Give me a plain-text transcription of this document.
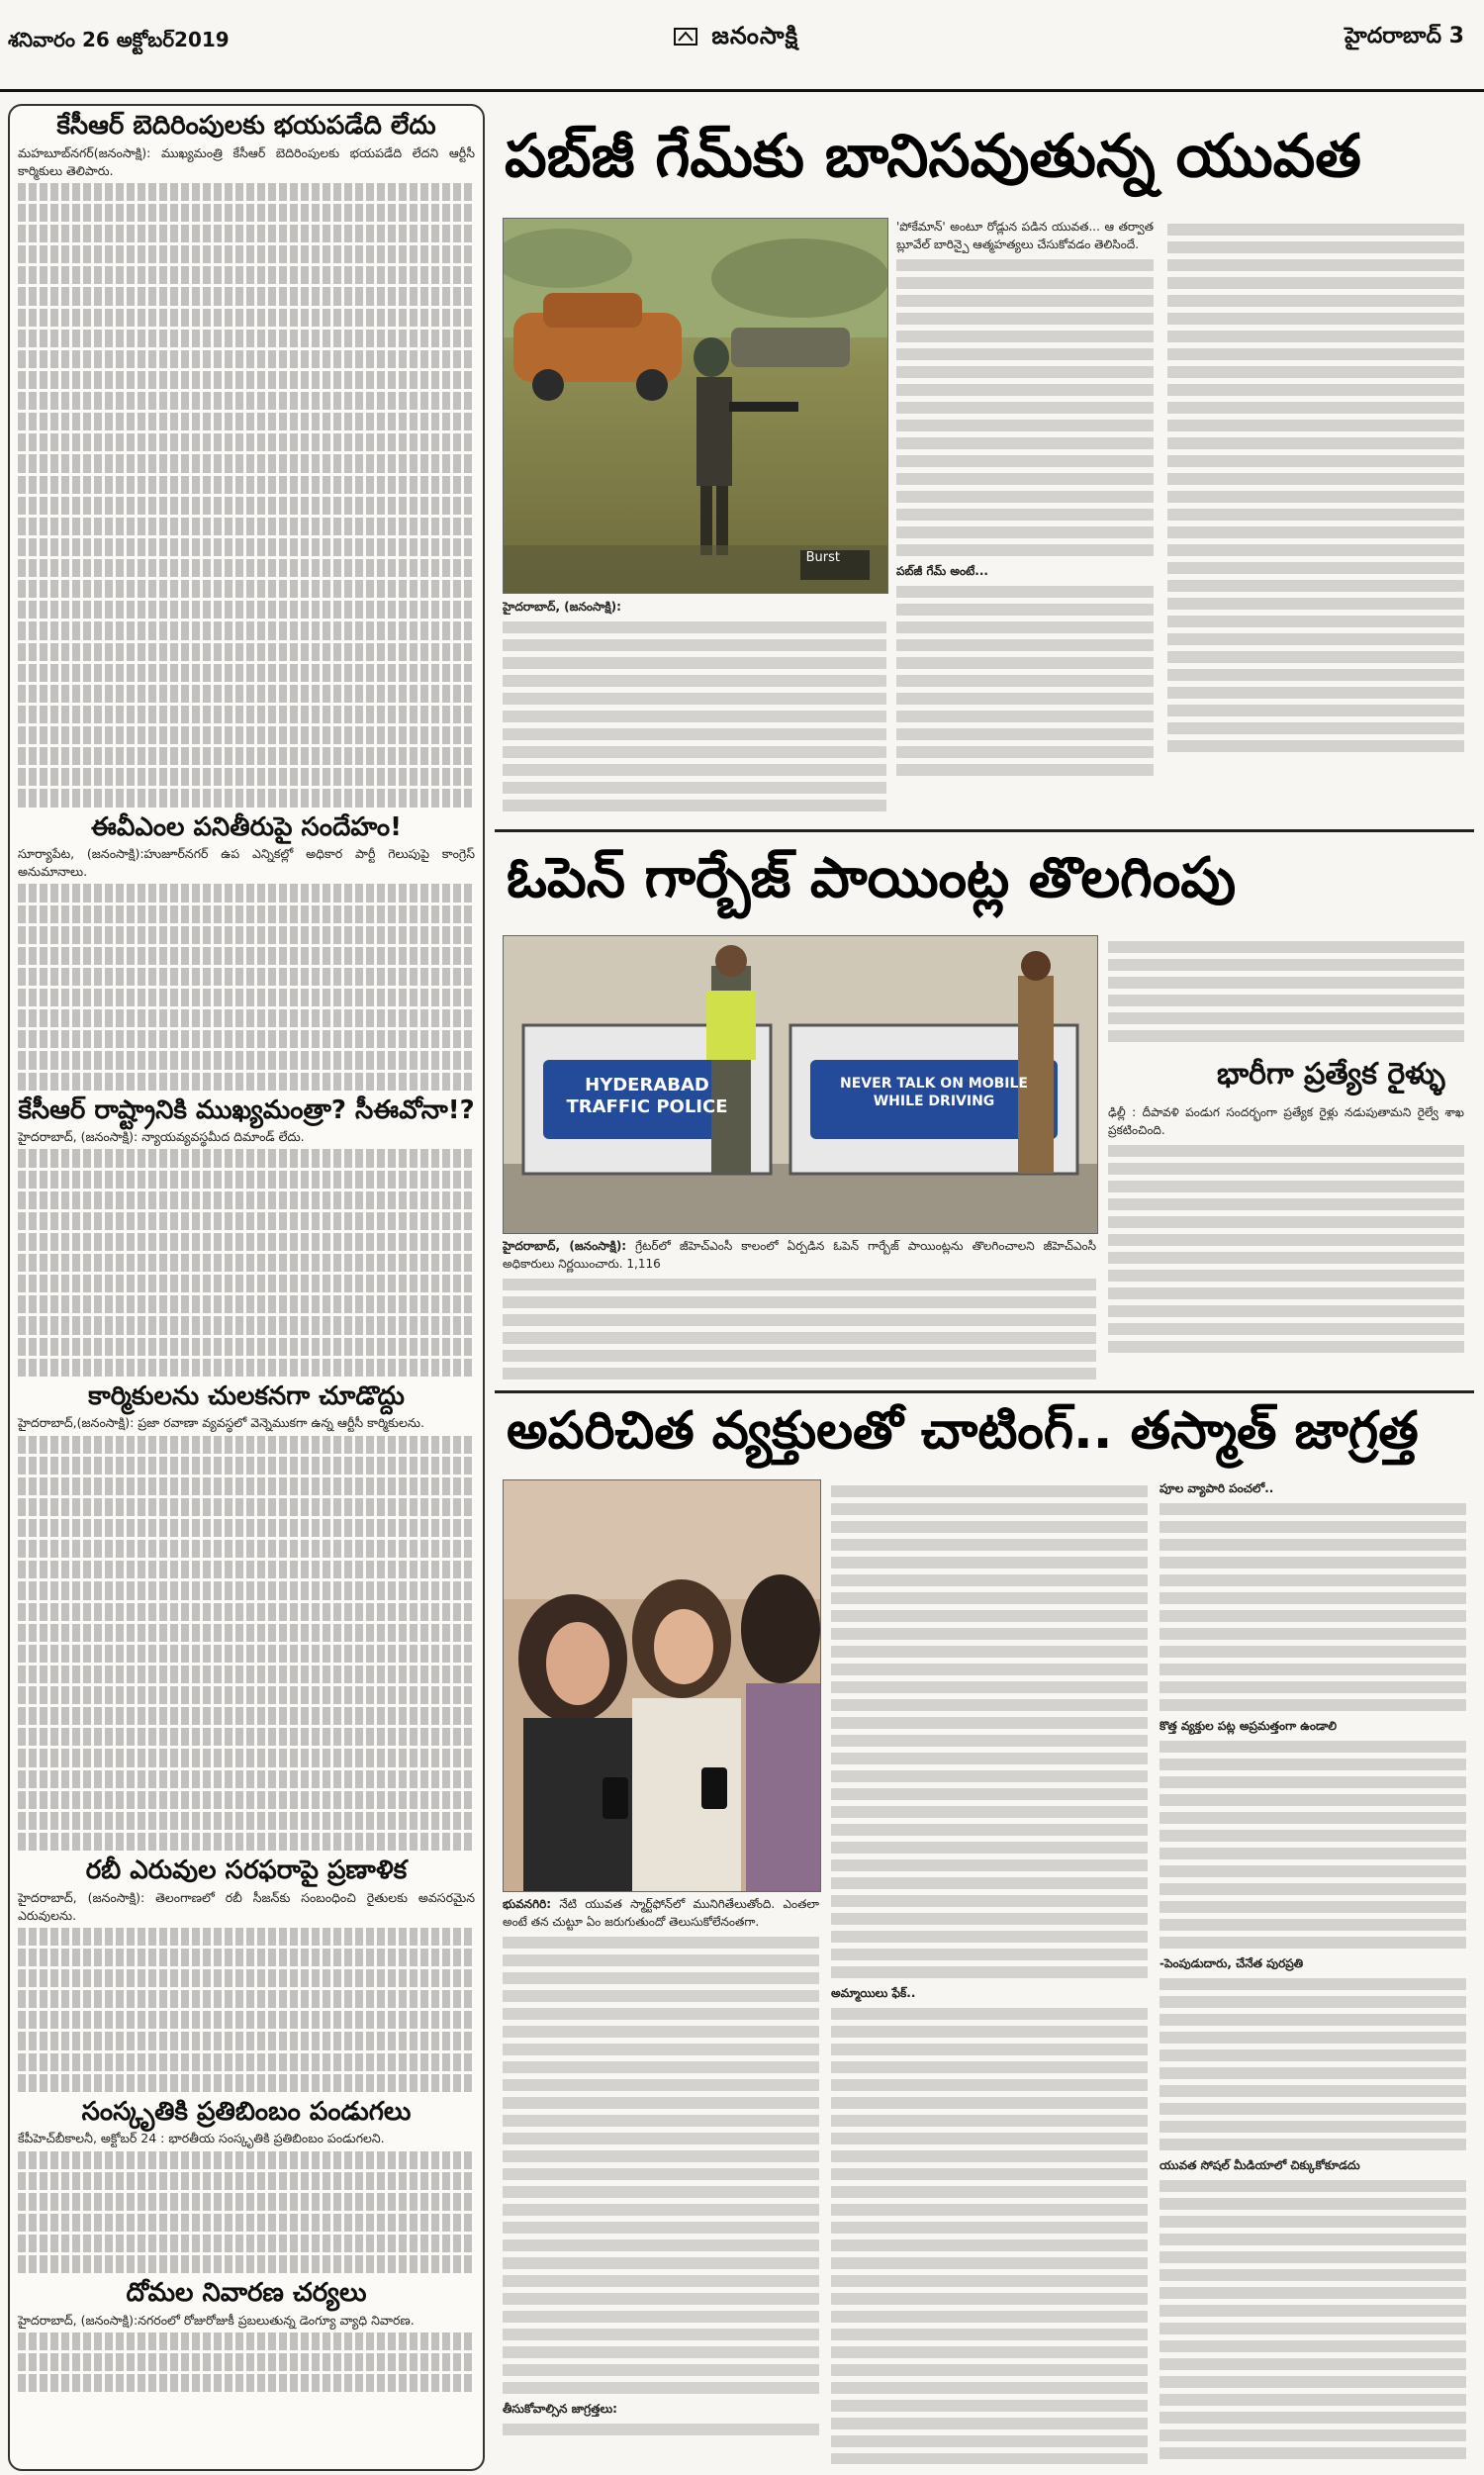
శనివారం 26 అక్టోబర్2019	జనంసాక్షి	హైదరాబాద్ 3
కేసీఆర్ బెదిరింపులకు భయపడేది లేదు
మహబూబ్‌నగర్‌(జనంసాక్షి): ముఖ్యమంత్రి కేసీఆర్ బెదిరింపులకు భయపడేది లేదని ఆర్టీసీ కార్మికులు తెలిపారు.
ఈవీఎంల పనితీరుపై సందేహం!
సూర్యాపేట, (జనంసాక్షి):హుజూర్‌నగర్ ఉప ఎన్నికల్లో అధికార పార్టీ గెలుపుపై కాంగ్రెస్ అనుమానాలు.
కేసీఆర్ రాష్ట్రానికి ముఖ్యమంత్రా? సీఈవోనా!?
హైదరాబాద్, (జనంసాక్షి): న్యాయవ్యవస్థమీద దిమాండ్ లేదు.
కార్మికులను చులకనగా చూడొద్దు
హైదరాబాద్,(జనంసాక్షి): ప్రజా రవాణా వ్యవస్థలో వెన్నెముకగా ఉన్న ఆర్టీసీ కార్మికులను.
రబీ ఎరువుల సరఫరాపై ప్రణాళిక
హైదరాబాద్, (జనంసాక్షి): తెలంగాణలో రబీ సీజన్‌కు సంబంధించి రైతులకు అవసరమైన ఎరువులను.
సంస్కృతికి ప్రతిబింబం పండుగలు
కేపీహెచ్‌బీకాలనీ, అక్టోబర్ 24 : భారతీయ సంస్కృతికి ప్రతిబింబం పండుగలని.
దోమల నివారణ చర్యలు
హైదరాబాద్, (జనంసాక్షి):నగరంలో రోజురోజుకీ ప్రబలుతున్న డెంగ్యూ వ్యాధి నివారణ.
పబ్‌జీ గేమ్‌కు బానిసవుతున్న యువత
Burst
హైదరాబాద్, (జనంసాక్షి):
'పోకేమాన్' అంటూ రోడ్లున పడిన యువత... ఆ తర్వాత బ్లూవేల్ బారిన్పై ఆత్మహత్యలు చేసుకోవడం తెలిసిందే.
పబ్‌జీ గేమ్ అంటే...
ఓపెన్ గార్బేజ్ పాయింట్ల తొలగింపు
HYDERABAD TRAFFIC POLICE
NEVER TALK ON MOBILE WHILE DRIVING
హైదరాబాద్, (జనంసాక్షి): గ్రేటర్‌లో జీహెచ్ఎంసీ కాలంలో ఏర్పడిన ఓపెన్ గార్బేజ్ పాయింట్లను తొలగించాలని జీహెచ్ఎంసీ అధికారులు నిర్ణయించారు. 1,116
భారీగా ప్రత్యేక రైళ్ళు
ఢిల్లీ : దీపావళి పండుగ సందర్భంగా ప్రత్యేక రైళ్లు నడుపుతామని రైల్వే శాఖ ప్రకటించింది.
అపరిచిత వ్యక్తులతో చాటింగ్.. తస్మాత్ జాగ్రత్త
భువనగిరి: నేటి యువత స్మార్ట్‌ఫోన్‌లో మునిగితేలుతోంది. ఎంతలా అంటే తన చుట్టూ ఏం జరుగుతుందో తెలుసుకోలేనంతగా.
తీసుకోవాల్సిన జాగ్రత్తలు:
అమ్మాయిలు ఫేక్..
పూల వ్యాపారి పంచలో..
కొత్త వ్యక్తుల పట్ల అప్రమత్తంగా ఉండాలి
-పెంపుడుదారు, చేనేత పురప్రతి
యువత సోషల్ మీడియాలో చిక్కుకోకూడదు
